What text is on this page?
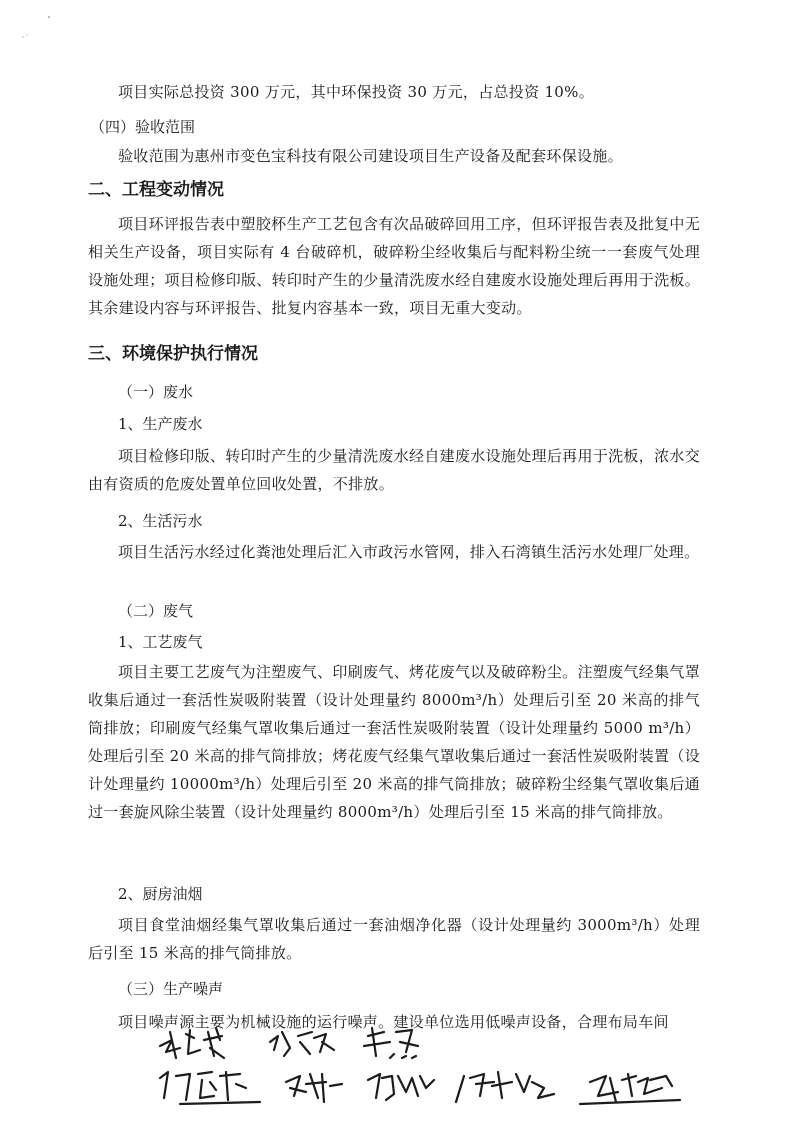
项目实际总投资 300 万元，其中环保投资 30 万元，占总投资 10%。

（四）验收范围

验收范围为惠州市变色宝科技有限公司建设项目生产设备及配套环保设施。

二、工程变动情况

项目环评报告表中塑胶杯生产工艺包含有次品破碎回用工序，但环评报告表及批复中无相关生产设备，项目实际有 4 台破碎机，破碎粉尘经收集后与配料粉尘统一一套废气处理设施处理；项目检修印版、转印时产生的少量清洗废水经自建废水设施处理后再用于洗板。其余建设内容与环评报告、批复内容基本一致，项目无重大变动。

三、环境保护执行情况

（一）废水

1、生产废水

项目检修印版、转印时产生的少量清洗废水经自建废水设施处理后再用于洗板，浓水交由有资质的危废处置单位回收处置，不排放。

2、生活污水

项目生活污水经过化粪池处理后汇入市政污水管网，排入石湾镇生活污水处理厂处理。

（二）废气

1、工艺废气

项目主要工艺废气为注塑废气、印刷废气、烤花废气以及破碎粉尘。注塑废气经集气罩收集后通过一套活性炭吸附装置（设计处理量约 8000m³/h）处理后引至 20 米高的排气筒排放；印刷废气经集气罩收集后通过一套活性炭吸附装置（设计处理量约 5000 m³/h）处理后引至 20 米高的排气筒排放；烤花废气经集气罩收集后通过一套活性炭吸附装置（设计处理量约 10000m³/h）处理后引至 20 米高的排气筒排放；破碎粉尘经集气罩收集后通过一套旋风除尘装置（设计处理量约 8000m³/h）处理后引至 15 米高的排气筒排放。

2、厨房油烟

项目食堂油烟经集气罩收集后通过一套油烟净化器（设计处理量约 3000m³/h）处理后引至 15 米高的排气筒排放。

（三）生产噪声

项目噪声源主要为机械设施的运行噪声。建设单位选用低噪声设备，合理布局车间
